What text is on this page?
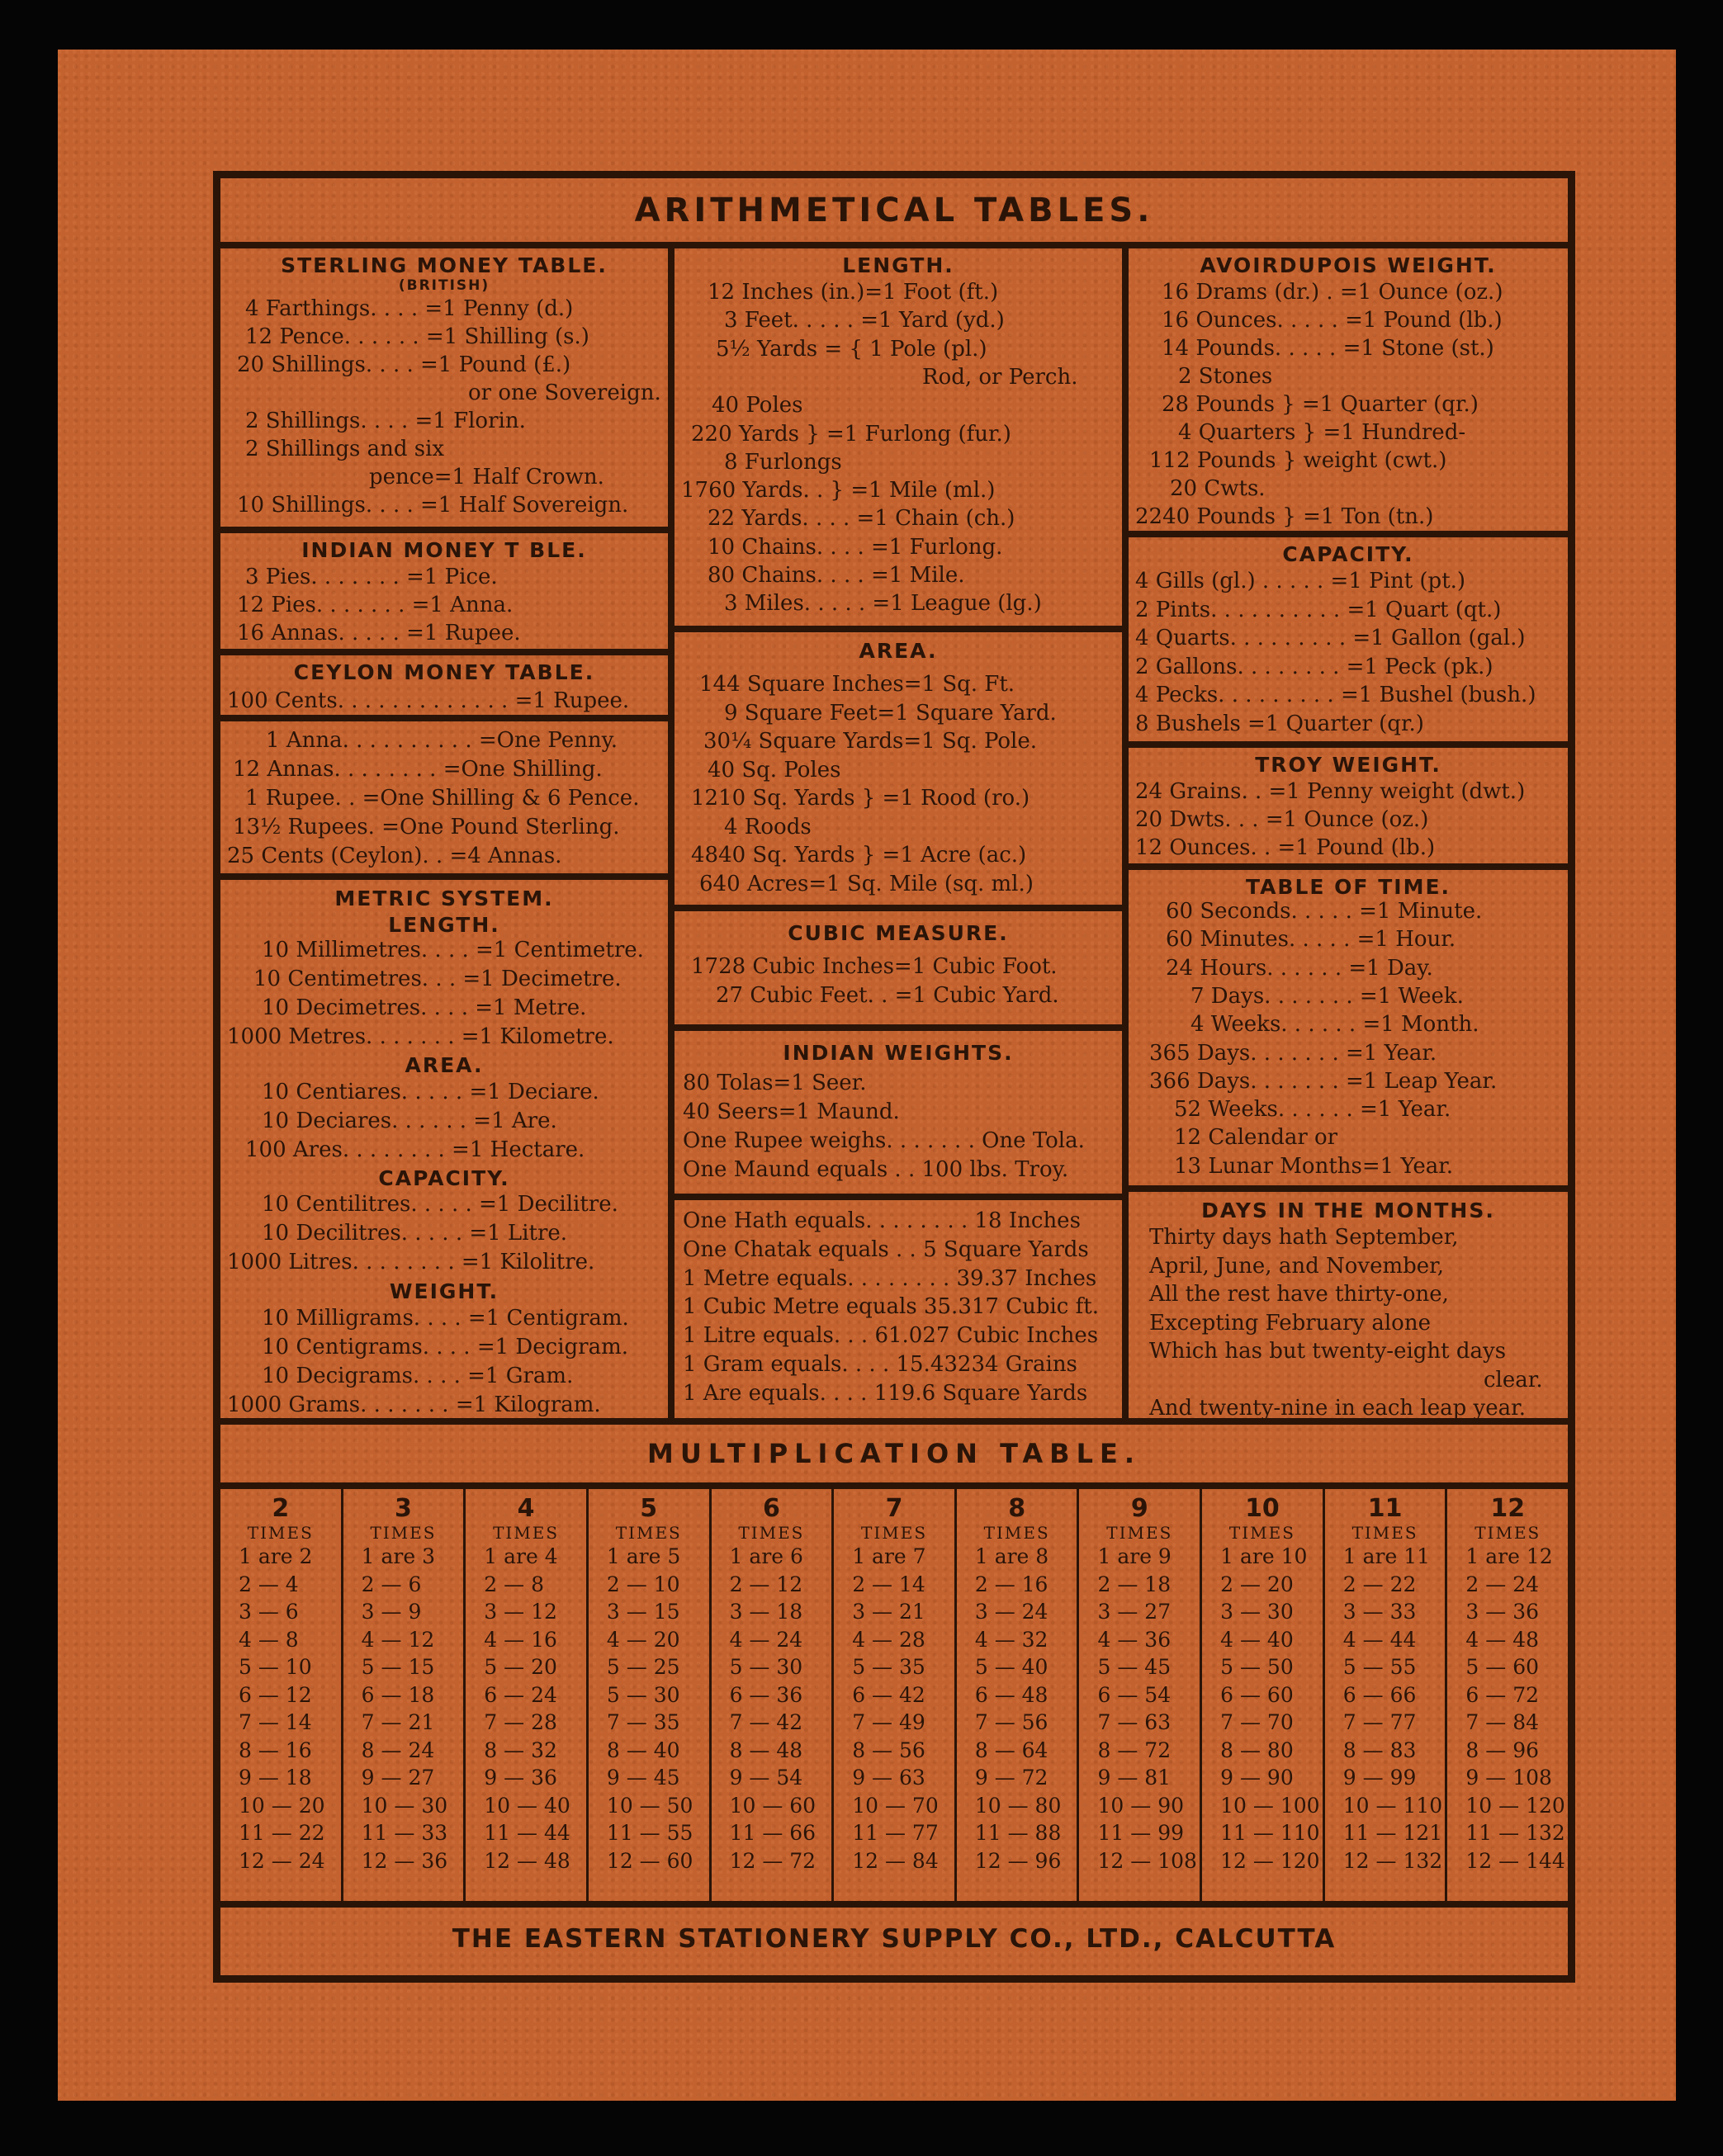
ARITHMETICAL TABLES.
STERLING MONEY TABLE.
(BRITISH)
4 Farthings. . . . =1 Penny (d.)
12 Pence. . . . . . =1 Shilling (s.)
20 Shillings. . . . =1 Pound (£.)
or one Sovereign.
2 Shillings. . . . =1 Florin.
2 Shillings and six
pence=1 Half Crown.
10 Shillings. . . . =1 Half Sovereign.
INDIAN MONEY T BLE.
3 Pies. . . . . . . =1 Pice.
12 Pies. . . . . . . =1 Anna.
16 Annas. . . . . =1 Rupee.
CEYLON MONEY TABLE.
100 Cents. . . . . . . . . . . . . =1 Rupee.
1 Anna. . . . . . . . . . =One Penny.
12 Annas. . . . . . . . =One Shilling.
1 Rupee. . =One Shilling & 6 Pence.
13½ Rupees. =One Pound Sterling.
25 Cents (Ceylon). . =4 Annas.
METRIC SYSTEM.
LENGTH.
10 Millimetres. . . . =1 Centimetre.
10 Centimetres. . . =1 Decimetre.
10 Decimetres. . . . =1 Metre.
1000 Metres. . . . . . . =1 Kilometre.
AREA.
10 Centiares. . . . . =1 Deciare.
10 Deciares. . . . . . =1 Are.
100 Ares. . . . . . . . =1 Hectare.
CAPACITY.
10 Centilitres. . . . . =1 Decilitre.
10 Decilitres. . . . . =1 Litre.
1000 Litres. . . . . . . . =1 Kilolitre.
WEIGHT.
10 Milligrams. . . . =1 Centigram.
10 Centigrams. . . . =1 Decigram.
10 Decigrams. . . . =1 Gram.
1000 Grams. . . . . . . =1 Kilogram.
LENGTH.
12 Inches (in.)=1 Foot (ft.)
3 Feet. . . . . =1 Yard (yd.)
5½ Yards = { 1 Pole (pl.)
Rod, or Perch.
40 Poles
220 Yards } =1 Furlong (fur.)
8 Furlongs
1760 Yards. . } =1 Mile (ml.)
22 Yards. . . . =1 Chain (ch.)
10 Chains. . . . =1 Furlong.
80 Chains. . . . =1 Mile.
3 Miles. . . . . =1 League (lg.)
AREA.
144 Square Inches=1 Sq. Ft.
9 Square Feet=1 Square Yard.
30¼ Square Yards=1 Sq. Pole.
40 Sq. Poles
1210 Sq. Yards } =1 Rood (ro.)
4 Roods
4840 Sq. Yards } =1 Acre (ac.)
640 Acres=1 Sq. Mile (sq. ml.)
CUBIC MEASURE.
1728 Cubic Inches=1 Cubic Foot.
27 Cubic Feet. . =1 Cubic Yard.
INDIAN WEIGHTS.
80 Tolas=1 Seer.
40 Seers=1 Maund.
One Rupee weighs. . . . . . . One Tola.
One Maund equals . . 100 lbs. Troy.
One Hath equals. . . . . . . . 18 Inches
One Chatak equals . . 5 Square Yards
1 Metre equals. . . . . . . . 39.37 Inches
1 Cubic Metre equals 35.317 Cubic ft.
1 Litre equals. . . 61.027 Cubic Inches
1 Gram equals. . . . 15.43234 Grains
1 Are equals. . . . 119.6 Square Yards
AVOIRDUPOIS WEIGHT.
16 Drams (dr.) . =1 Ounce (oz.)
16 Ounces. . . . . =1 Pound (lb.)
14 Pounds. . . . . =1 Stone (st.)
2 Stones
28 Pounds } =1 Quarter (qr.)
4 Quarters } =1 Hundred-
112 Pounds } weight (cwt.)
20 Cwts.
2240 Pounds } =1 Ton (tn.)
CAPACITY.
4 Gills (gl.) . . . . . =1 Pint (pt.)
2 Pints. . . . . . . . . . =1 Quart (qt.)
4 Quarts. . . . . . . . . =1 Gallon (gal.)
2 Gallons. . . . . . . . =1 Peck (pk.)
4 Pecks. . . . . . . . . =1 Bushel (bush.)
8 Bushels =1 Quarter (qr.)
TROY WEIGHT.
24 Grains. . =1 Penny weight (dwt.)
20 Dwts. . . =1 Ounce (oz.)
12 Ounces. . =1 Pound (lb.)
TABLE OF TIME.
60 Seconds. . . . . =1 Minute.
60 Minutes. . . . . =1 Hour.
24 Hours. . . . . . =1 Day.
7 Days. . . . . . . =1 Week.
4 Weeks. . . . . . =1 Month.
365 Days. . . . . . . =1 Year.
366 Days. . . . . . . =1 Leap Year.
52 Weeks. . . . . . =1 Year.
12 Calendar or
13 Lunar Months=1 Year.
DAYS IN THE MONTHS.
Thirty days hath September,
April, June, and November,
All the rest have thirty-one,
Excepting February alone
Which has but twenty-eight days
clear.
And twenty-nine in each leap year.
MULTIPLICATION TABLE.
2
TIMES
1 are 2
2 — 4
3 — 6
4 — 8
5 — 10
6 — 12
7 — 14
8 — 16
9 — 18
10 — 20
11 — 22
12 — 24
3
TIMES
1 are 3
2 — 6
3 — 9
4 — 12
5 — 15
6 — 18
7 — 21
8 — 24
9 — 27
10 — 30
11 — 33
12 — 36
4
TIMES
1 are 4
2 — 8
3 — 12
4 — 16
5 — 20
6 — 24
7 — 28
8 — 32
9 — 36
10 — 40
11 — 44
12 — 48
5
TIMES
1 are 5
2 — 10
3 — 15
4 — 20
5 — 25
5 — 30
7 — 35
8 — 40
9 — 45
10 — 50
11 — 55
12 — 60
6
TIMES
1 are 6
2 — 12
3 — 18
4 — 24
5 — 30
6 — 36
7 — 42
8 — 48
9 — 54
10 — 60
11 — 66
12 — 72
7
TIMES
1 are 7
2 — 14
3 — 21
4 — 28
5 — 35
6 — 42
7 — 49
8 — 56
9 — 63
10 — 70
11 — 77
12 — 84
8
TIMES
1 are 8
2 — 16
3 — 24
4 — 32
5 — 40
6 — 48
7 — 56
8 — 64
9 — 72
10 — 80
11 — 88
12 — 96
9
TIMES
1 are 9
2 — 18
3 — 27
4 — 36
5 — 45
6 — 54
7 — 63
8 — 72
9 — 81
10 — 90
11 — 99
12 — 108
10
TIMES
1 are 10
2 — 20
3 — 30
4 — 40
5 — 50
6 — 60
7 — 70
8 — 80
9 — 90
10 — 100
11 — 110
12 — 120
11
TIMES
1 are 11
2 — 22
3 — 33
4 — 44
5 — 55
6 — 66
7 — 77
8 — 83
9 — 99
10 — 110
11 — 121
12 — 132
12
TIMES
1 are 12
2 — 24
3 — 36
4 — 48
5 — 60
6 — 72
7 — 84
8 — 96
9 — 108
10 — 120
11 — 132
12 — 144
THE EASTERN STATIONERY SUPPLY CO., LTD., CALCUTTA
